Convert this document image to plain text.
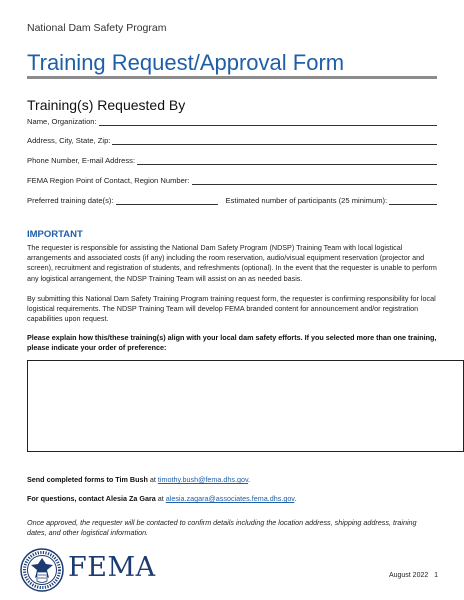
National Dam Safety Program
Training Request/Approval Form
Training(s) Requested By
Name, Organization:
Address, City, State, Zip:
Phone Number, E-mail Address:
FEMA Region Point of Contact, Region Number:
Preferred training date(s):	Estimated number of participants (25 minimum):
IMPORTANT

The requester is responsible for assisting the National Dam Safety Program (NDSP) Training Team with local logistical arrangements and associated costs (if any) including the room reservation, audio/visual equipment reservation (projector and screen), recruitment and registration of students, and refreshments (optional). In the event that the requester is unable to perform any logistical arrangement, the NDSP Training Team will assist on an as needed basis.

By submitting this National Dam Safety Training Program training request form, the requester is confirming responsibility for local logistical requirements. The NDSP Training Team will develop FEMA branded content for announcement and/or registration capabilities upon request.

Please explain how this/these training(s) align with your local dam safety efforts. If you selected more than one training, please indicate your order of preference:

Send completed forms to Tim Bush at timothy.bush@fema.dhs.gov.
For questions, contact Alesia Za Gara at alesia.zagara@associates.fema.dhs.gov.

Once approved, the requester will be contacted to confirm details including the location address, shipping address, training dates, and other logistical information.

FEMA	August 2022 1
